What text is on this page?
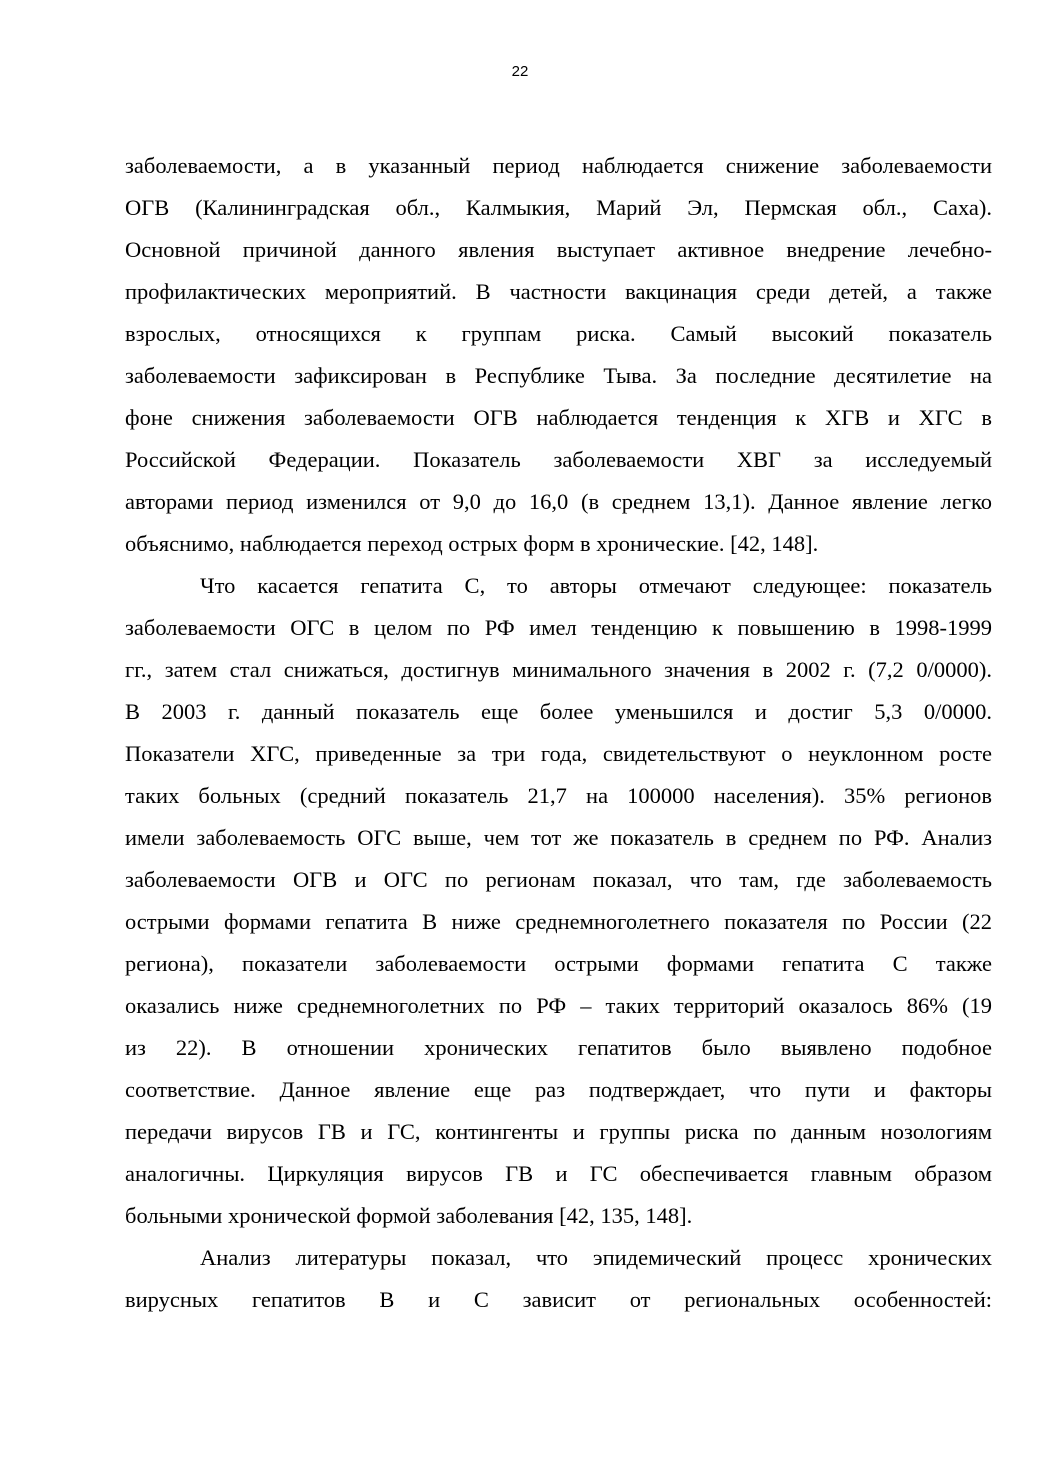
22
заболеваемости, а в указанный период наблюдается снижение заболеваемости
ОГВ (Калининградская обл., Калмыкия, Марий Эл, Пермская обл., Саха).
Основной причиной данного явления выступает активное внедрение лечебно-
профилактических мероприятий. В частности вакцинация среди детей, а также
взрослых, относящихся к группам риска. Самый высокий показатель
заболеваемости зафиксирован в Республике Тыва. За последние десятилетие на
фоне снижения заболеваемости ОГВ наблюдается тенденция к ХГВ и ХГС в
Российской Федерации. Показатель заболеваемости ХВГ за исследуемый
авторами период изменился от 9,0 до 16,0 (в среднем 13,1). Данное явление легко
объяснимо, наблюдается переход острых форм в хронические. [42, 148].
Что касается гепатита С, то авторы отмечают следующее: показатель
заболеваемости ОГС в целом по РФ имел тенденцию к повышению в 1998-1999
гг., затем стал снижаться, достигнув минимального значения в 2002 г. (7,2 0/0000).
В 2003 г. данный показатель еще более уменьшился и достиг 5,3 0/0000.
Показатели ХГС, приведенные за три года, свидетельствуют о неуклонном росте
таких больных (средний показатель 21,7 на 100000 населения). 35% регионов
имели заболеваемость ОГС выше, чем тот же показатель в среднем по РФ. Анализ
заболеваемости ОГВ и ОГС по регионам показал, что там, где заболеваемость
острыми формами гепатита В ниже среднемноголетнего показателя по России (22
региона), показатели заболеваемости острыми формами гепатита С также
оказались ниже среднемноголетних по РФ – таких территорий оказалось 86% (19
из 22). В отношении хронических гепатитов было выявлено подобное
соответствие. Данное явление еще раз подтверждает, что пути и факторы
передачи вирусов ГВ и ГС, контингенты и группы риска по данным нозологиям
аналогичны. Циркуляция вирусов ГВ и ГС обеспечивается главным образом
больными хронической формой заболевания [42, 135, 148].
Анализ литературы показал, что эпидемический процесс хронических
вирусных гепатитов В и С зависит от региональных особенностей:
